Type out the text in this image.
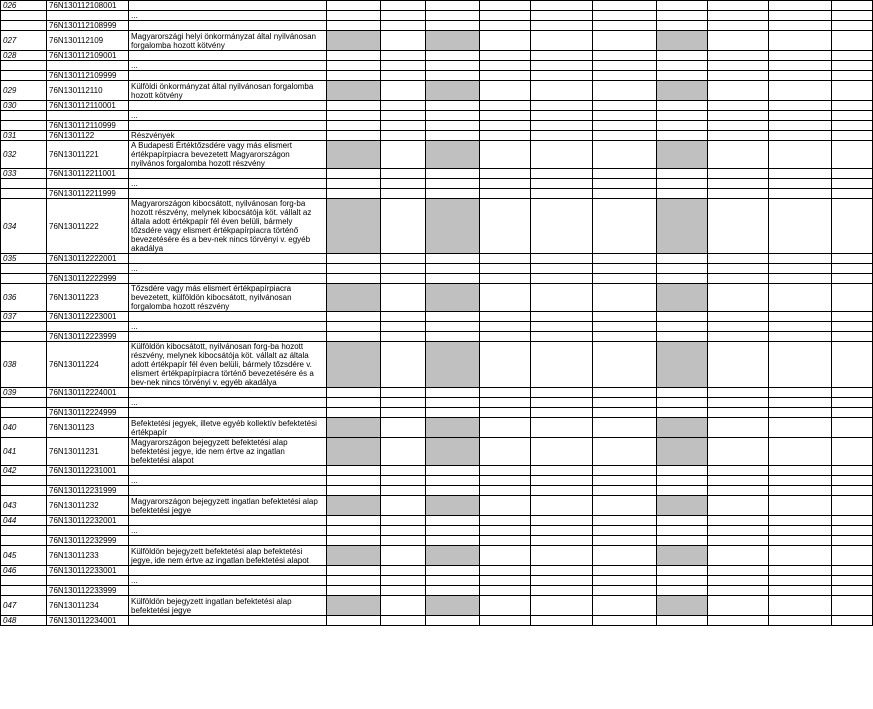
026	76N130112108001											
		...										
	76N130112108999											
027	76N130112109	Magyarországi helyi önkormányzat által nyilvánosan forgalomba hozott kötvény										
028	76N130112109001											
		...										
	76N130112109999											
029	76N130112110	Külföldi önkormányzat által nyilvánosan forgalomba hozott kötvény										
030	76N130112110001											
		...										
	76N130112110999											
031	76N1301122	Részvények										
032	76N13011221	A Budapesti Értéktőzsdére vagy más elismert értékpapírpiacra bevezetett Magyarországon nyilvános forgalomba hozott részvény										
033	76N130112211001											
		...										
	76N130112211999											
034	76N13011222	Magyarországon kibocsátott, nyilvánosan forg-ba hozott részvény, melynek kibocsátója köt. vállalt az általa adott értékpapír fél éven belüli, bármely tőzsdére vagy elismert értékpapírpiacra történő bevezetésére és a bev-nek nincs törvényi v. egyéb akadálya										
035	76N130112222001											
		...										
	76N130112222999											
036	76N13011223	Tőzsdére vagy más elismert értékpapírpiacra bevezetett, külföldön kibocsátott, nyilvánosan forgalomba hozott részvény										
037	76N130112223001											
		...										
	76N130112223999											
038	76N13011224	Külföldön kibocsátott, nyilvánosan forg-ba hozott részvény, melynek kibocsátója köt. vállalt az általa adott értékpapír fél éven belüli, bármely tőzsdére v. elismert értékpapírpiacra történő bevezetésére és a bev-nek nincs törvényi v. egyéb akadálya										
039	76N130112224001											
		...										
	76N130112224999											
040	76N1301123	Befektetési jegyek, illetve egyéb kollektív befektetési értékpapír										
041	76N13011231	Magyarországon bejegyzett befektetési alap befektetési jegye, ide nem értve az ingatlan befektetési alapot										
042	76N130112231001											
		...										
	76N130112231999											
043	76N13011232	Magyarországon bejegyzett ingatlan befektetési alap befektetési jegye										
044	76N130112232001											
		...										
	76N130112232999											
045	76N13011233	Külföldön bejegyzett befektetési alap befektetési jegye, ide nem értve az ingatlan befektetési alapot										
046	76N130112233001											
		...										
	76N130112233999											
047	76N13011234	Külföldön bejegyzett ingatlan befektetési alap befektetési jegye										
048	76N130112234001											
